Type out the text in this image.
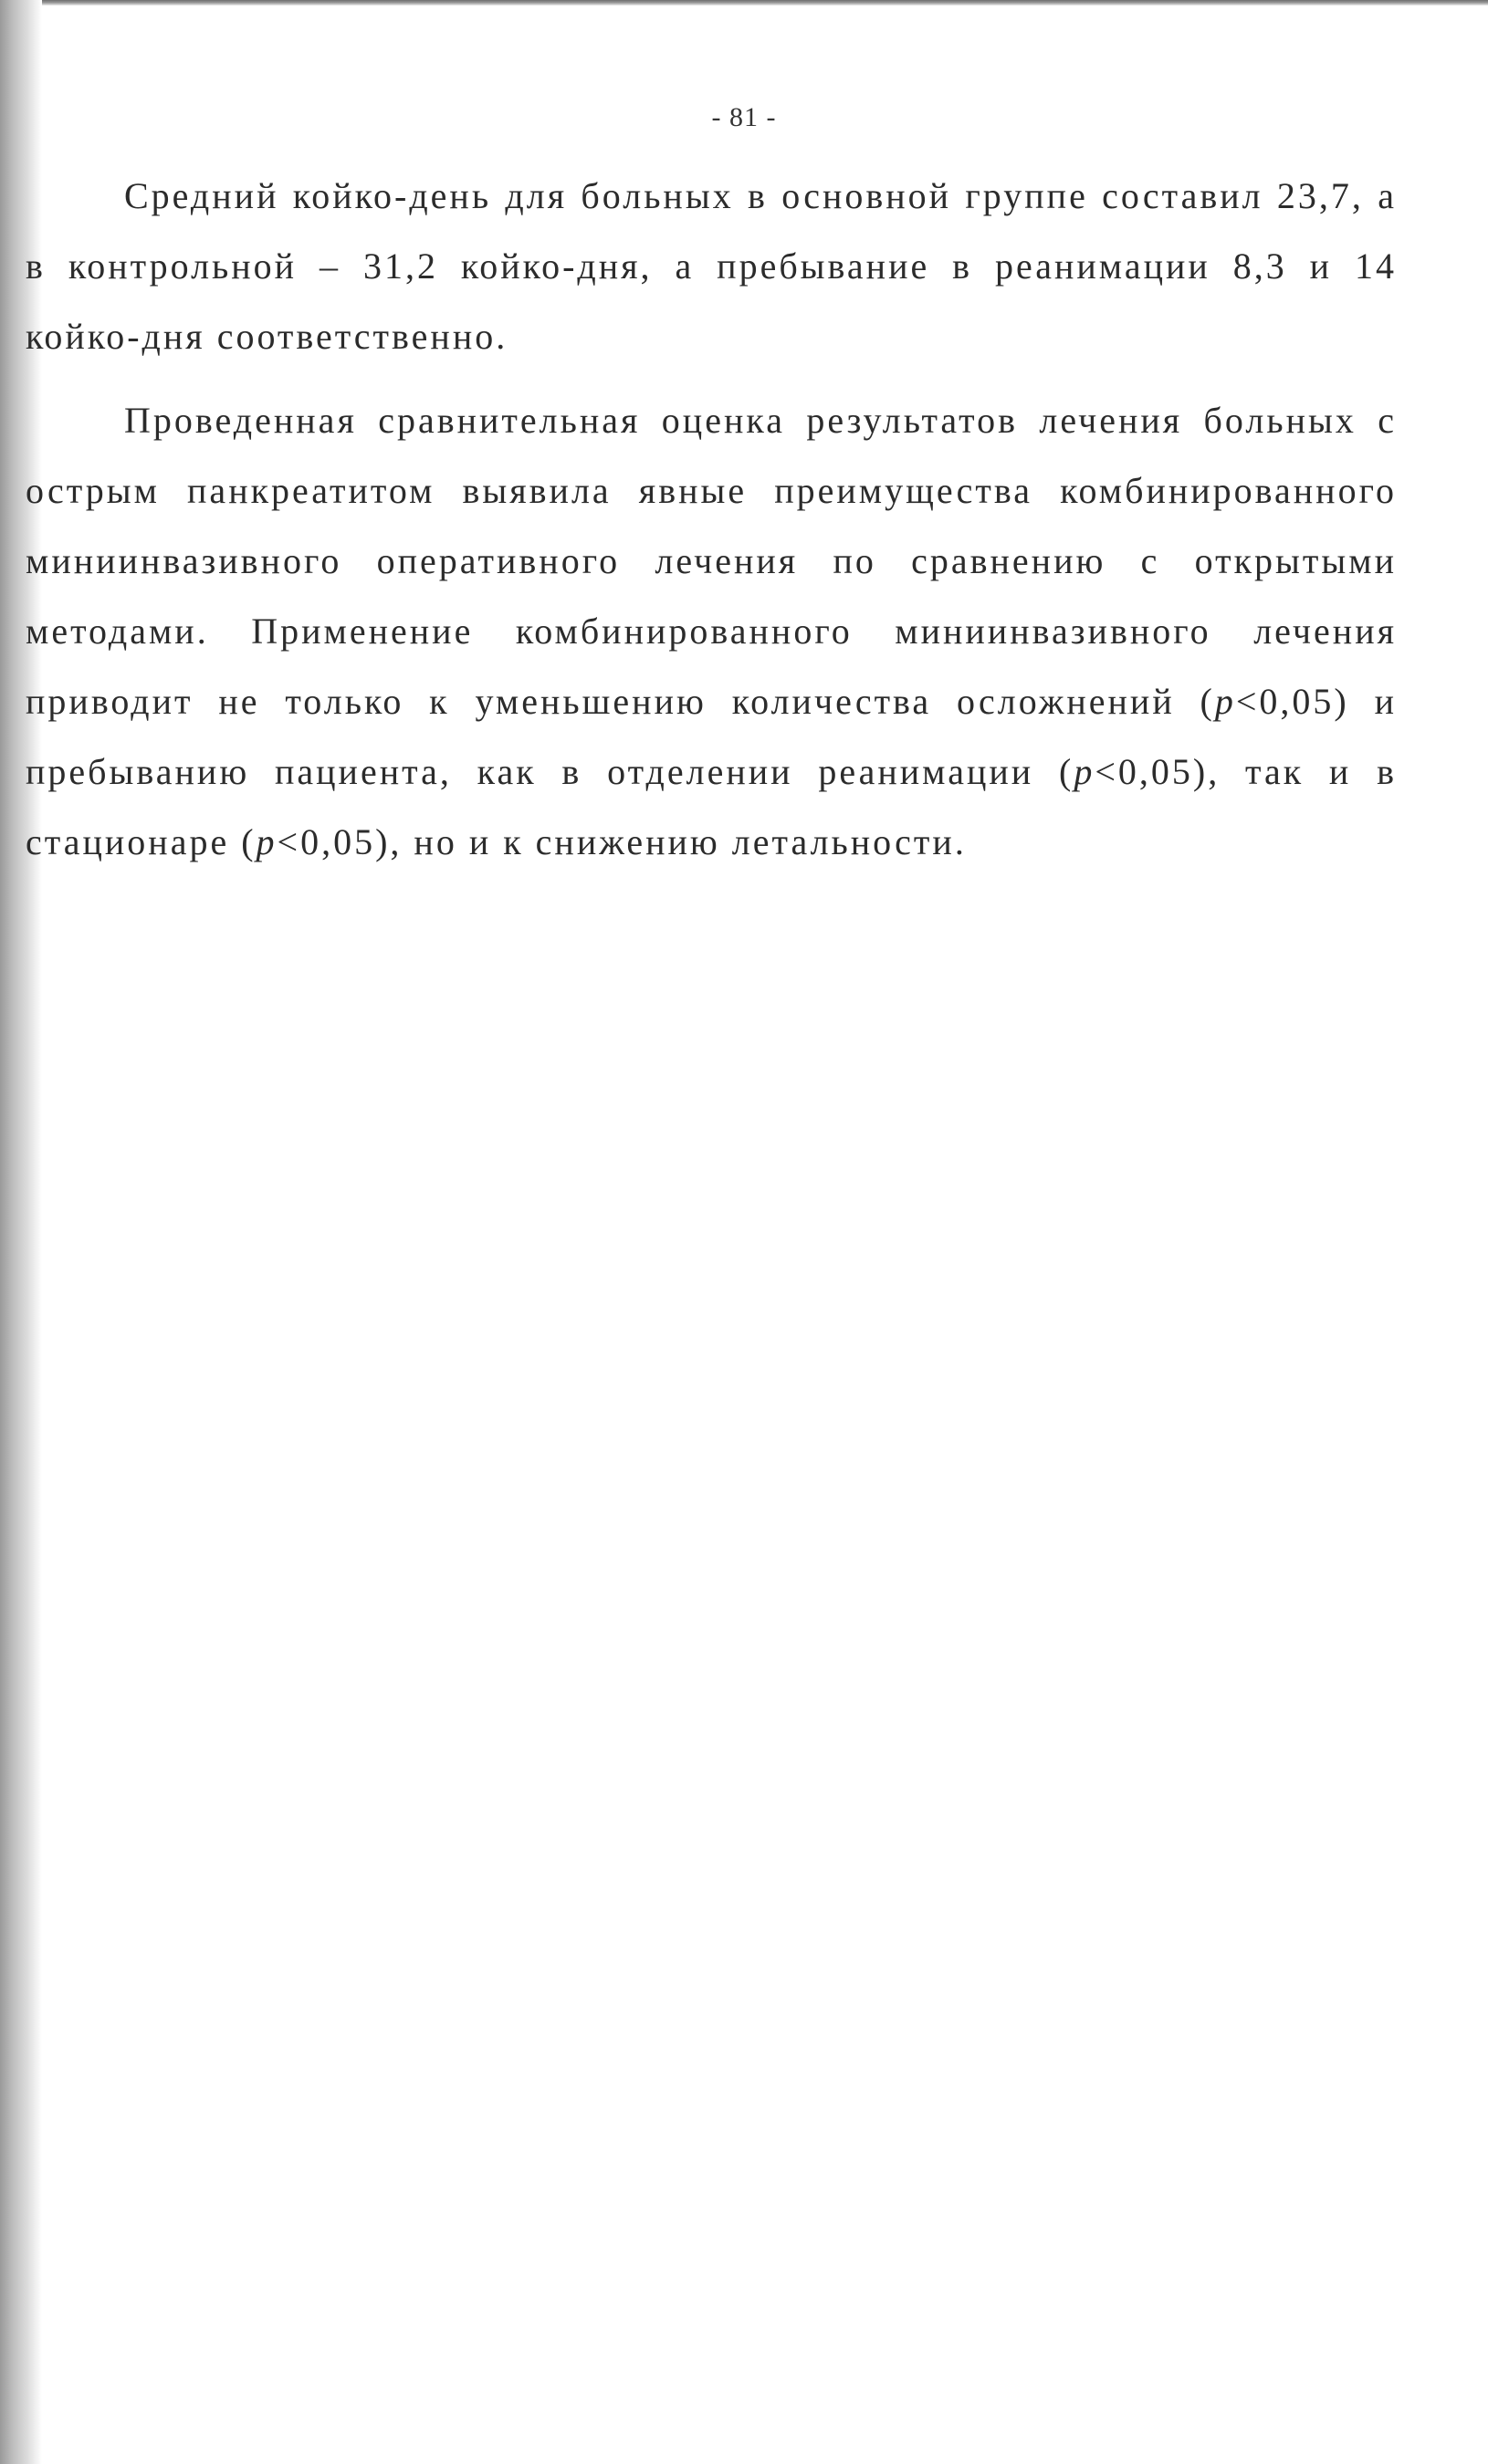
- 81 -

Средний койко-день для больных в основной группе составил 23,7, а в контрольной – 31,2 койко-дня, а пребывание в реанимации 8,3 и 14 койко-дня соответственно.

Проведенная сравнительная оценка результатов лечения больных с острым панкреатитом выявила явные преимущества комбинированного миниинвазивного оперативного лечения по сравнению с открытыми методами. Применение комбинированного миниинвазивного лечения приводит не только к уменьшению количества осложнений (p<0,05) и пребыванию пациента, как в отделении реанимации (p<0,05), так и в стационаре (p<0,05), но и к снижению летальности.
